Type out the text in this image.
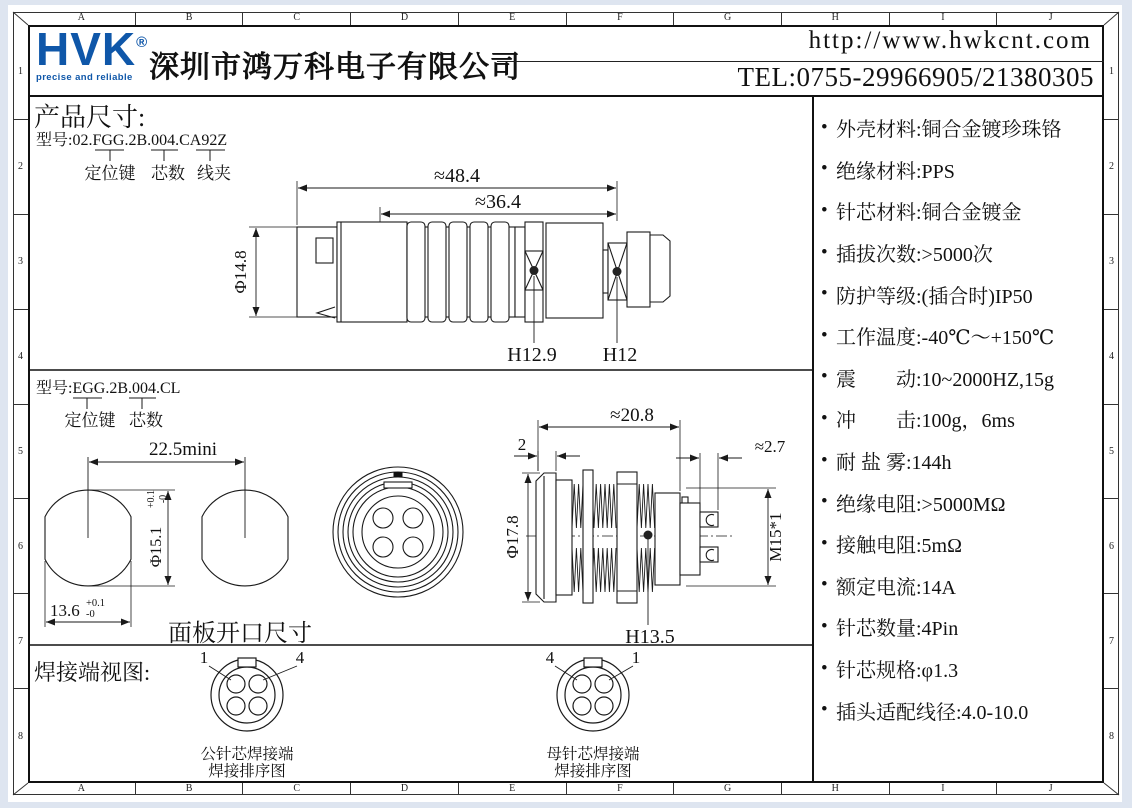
A	B	C	D	E	F	G	H	I	J
A	B	C	D	E	F	G	H	I	J
1
2
3
4
5
6
7
8
1
2
3
4
5
6
7
8
HVK®
precise and reliable 深圳市鸿万科电子有限公司
http://www.hwkcnt.com
TEL:0755-29966905/21380305
产品尺寸:
型号:02.FGG.2B.004.CA92Z
定位键 芯数 线夹	≈48.4
≈36.4
Ф14.8
H12.9 H12
型号:EGG.2B.004.CL
定位键 芯数
22.5mini
Ф15.1
+0.1 -0
13.6 +0.1
-0
面板开口尺寸
≈20.8
2	≈2.7
Ф17.8	M15*1
H13.5
焊接端视图:
1	4
公针芯焊接端
焊接排序图
4	1
母针芯焊接端
焊接排序图
• 外壳材料:铜合金镀珍珠铬
• 绝缘材料:PPS
• 针芯材料:铜合金镀金
• 插拔次数:>5000次
• 防护等级:(插合时)IP50
• 工作温度:-40℃～+150℃
• 震　　动:10~2000HZ,15g
• 冲　　击:100g，6ms
• 耐 盐 雾:144h
• 绝缘电阻:>5000MΩ
• 接触电阻:5mΩ
• 额定电流:14A
• 针芯数量:4Pin
• 针芯规格:φ1.3
• 插头适配线径:4.0-10.0
